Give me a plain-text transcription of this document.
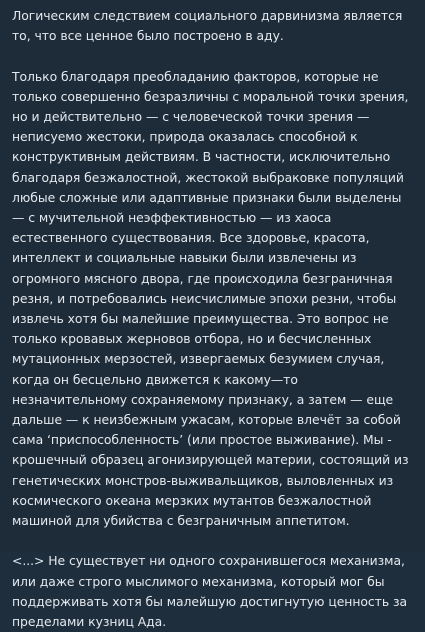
Логическим следствием социального дарвинизма является то, что все ценное было построено в аду.

Только благодаря преобладанию факторов, которые не только совершенно безразличны с моральной точки зрения, но и действительно — с человеческой точки зрения — неписуемо жестоки, природа оказалась способной к конструктивным действиям. В частности, исключительно благодаря безжалостной, жестокой выбраковке популяций любые сложные или адаптивные признаки были выделены — с мучительной неэффективностью — из хаоса естественного существования. Все здоровье, красота, интеллект и социальные навыки были извлечены из огромного мясного двора, где происходила безграничная резня, и потребовались неисчислимые эпохи резни, чтобы извлечь хотя бы малейшие преимущества. Это вопрос не только кровавых жерновов отбора, но и бесчисленных мутационных мерзостей, извергаемых безумием случая, когда он бесцельно движется к какому—то незначительному сохраняемому признаку, а затем — еще дальше — к неизбежным ужасам, которые влечёт за собой сама ‘приспособленность’ (или простое выживание). Мы - крошечный образец агонизирующей материи, состоящий из генетических монстров-выживальщиков, выловленных из космического океана мерзких мутантов безжалостной машиной для убийства с безграничным аппетитом.

<...> Не существует ни одного сохранившегося механизма, или даже строго мыслимого механизма, который мог бы поддерживать хотя бы малейшую достигнутую ценность за пределами кузниц Ада.
